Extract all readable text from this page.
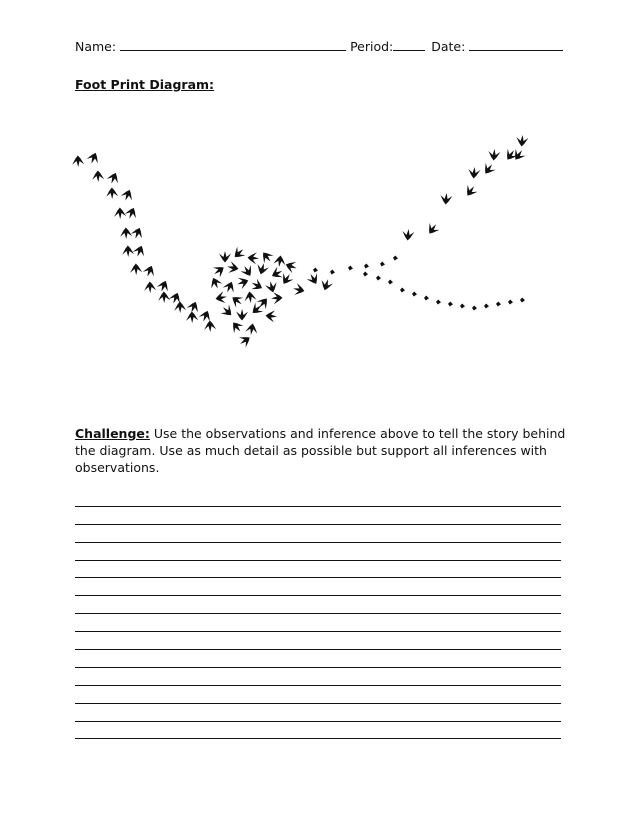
Name:	Period:	Date:
Foot Print Diagram:
Challenge: Use the observations and inference above to tell the story behind the diagram. Use as much detail as possible but support all inferences with observations.
